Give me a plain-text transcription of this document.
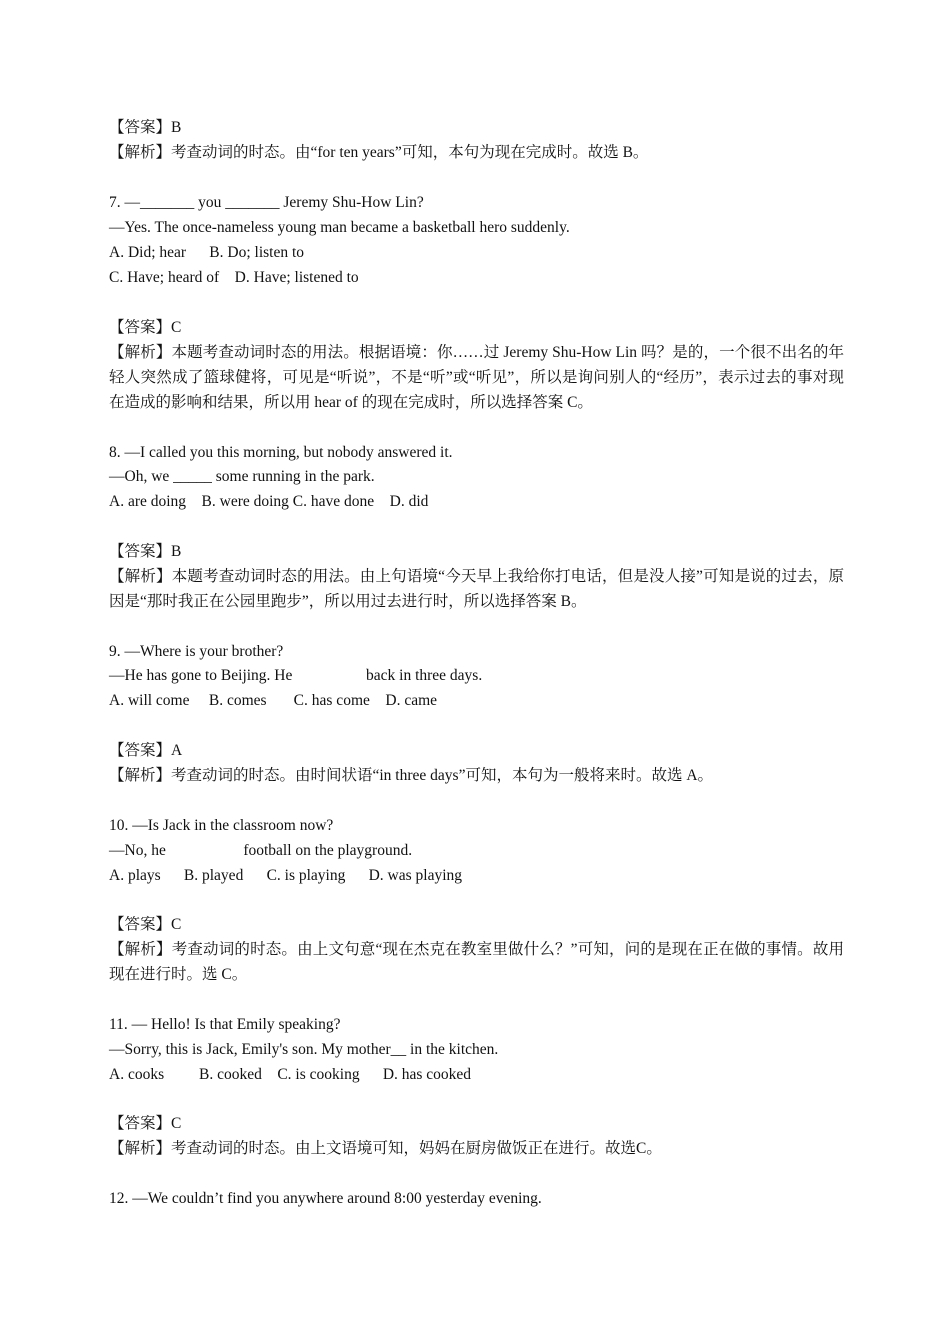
【答案】B
【解析】考查动词的时态。由“for ten years”可知，本句为现在完成时。故选 B。
7. —_______ you _______ Jeremy Shu-How Lin?
—Yes. The once-nameless young man became a basketball hero suddenly.
A. Did; hear      B. Do; listen to
C. Have; heard of    D. Have; listened to
【答案】C
【解析】本题考查动词时态的用法。根据语境：你……过 Jeremy Shu-How Lin 吗？是的，一个很不出名的年轻人突然成了篮球健将，可见是“听说”，不是“听”或“听见”，所以是询问别人的“经历”，表示过去的事对现在造成的影响和结果，所以用 hear of 的现在完成时，所以选择答案 C。
8. —I called you this morning, but nobody answered it.
—Oh, we _____ some running in the park.
A. are doing    B. were doing C. have done    D. did
【答案】B
【解析】本题考查动词时态的用法。由上句语境“今天早上我给你打电话，但是没人接”可知是说的过去，原因是“那时我正在公园里跑步”，所以用过去进行时，所以选择答案 B。
9. —Where is your brother?
—He has gone to Beijing. He                   back in three days.
A. will come     B. comes       C. has come    D. came
【答案】A
【解析】考查动词的时态。由时间状语“in three days”可知，本句为一般将来时。故选 A。
10. —Is Jack in the classroom now?
—No, he                    football on the playground.
A. plays      B. played      C. is playing      D. was playing
【答案】C
【解析】考查动词的时态。由上文句意“现在杰克在教室里做什么？”可知，问的是现在正在做的事情。故用现在进行时。选 C。
11. — Hello! Is that Emily speaking?
—Sorry, this is Jack, Emily's son. My mother__ in the kitchen.
A. cooks         B. cooked    C. is cooking      D. has cooked
【答案】C
【解析】考查动词的时态。由上文语境可知，妈妈在厨房做饭正在进行。故选C。
12. —We couldn’t find you anywhere around 8:00 yesterday evening.
